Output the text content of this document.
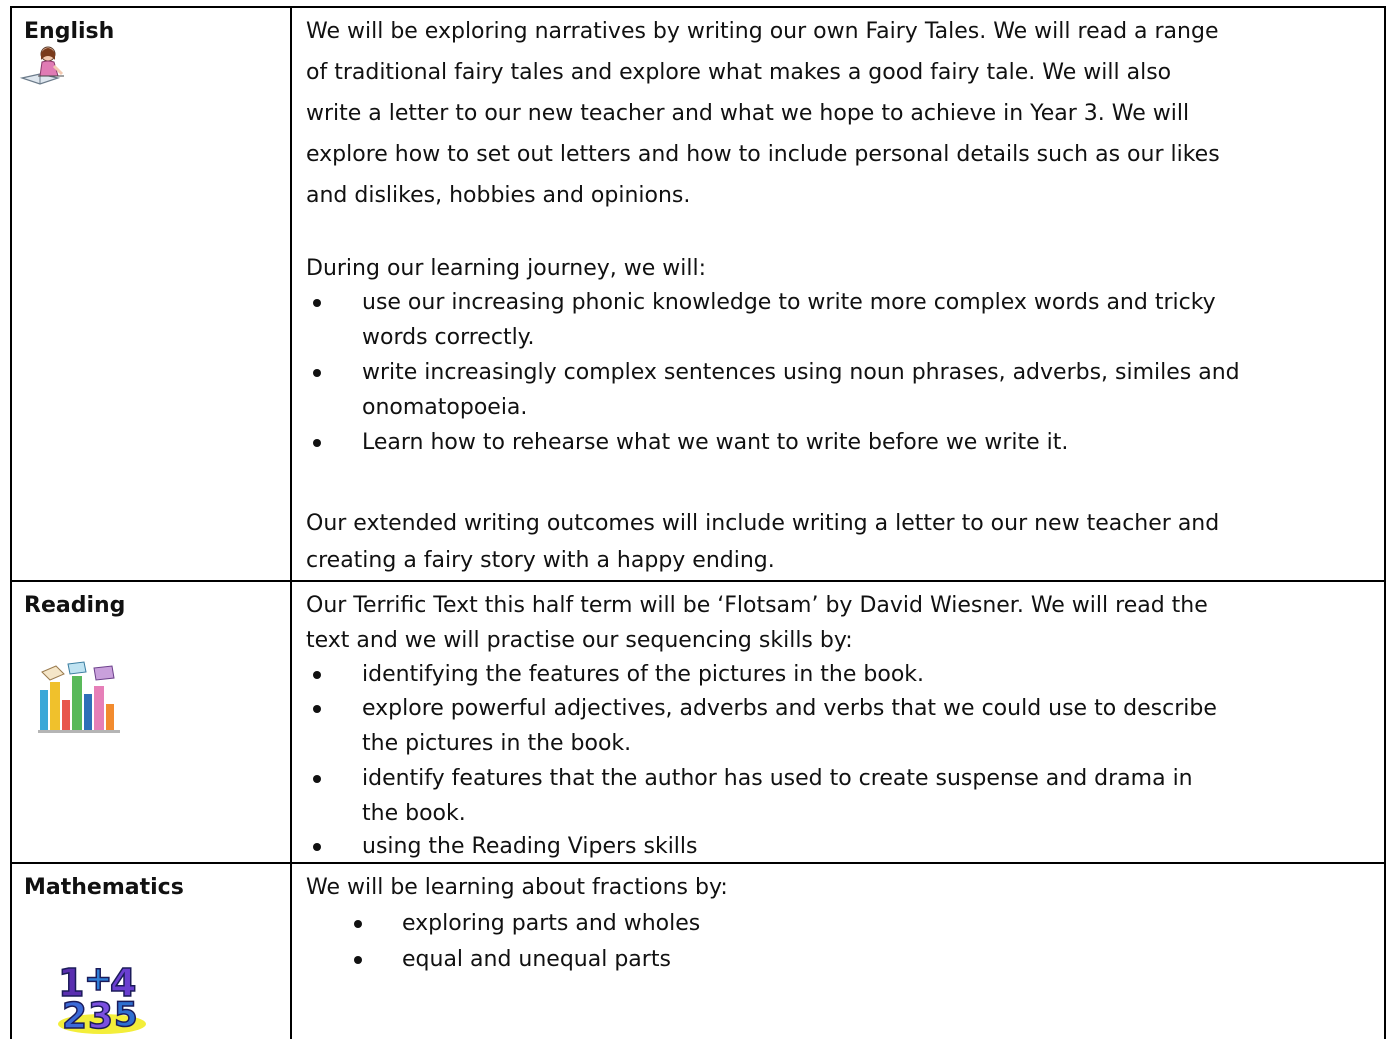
English	We will be exploring narratives by writing our own Fairy Tales. We will read a range
of traditional fairy tales and explore what makes a good fairy tale. We will also
write a letter to our new teacher and what we hope to achieve in Year 3. We will
explore how to set out letters and how to include personal details such as our likes
and dislikes, hobbies and opinions.
During our learning journey, we will:
use our increasing phonic knowledge to write more complex words and tricky
words correctly.
write increasingly complex sentences using noun phrases, adverbs, similes and
onomatopoeia.
Learn how to rehearse what we want to write before we write it.
Our extended writing outcomes will include writing a letter to our new teacher and
creating a fairy story with a happy ending.
Reading	Our Terrific Text this half term will be ‘Flotsam’ by David Wiesner. We will read the
text and we will practise our sequencing skills by:
identifying the features of the pictures in the book.
explore powerful adjectives, adverbs and verbs that we could use to describe
the pictures in the book.
identify features that the author has used to create suspense and drama in
the book.
using the Reading Vipers skills
Mathematics
1 +
4
2 3 5
We will be learning about fractions by:
exploring parts and wholes
equal and unequal parts
